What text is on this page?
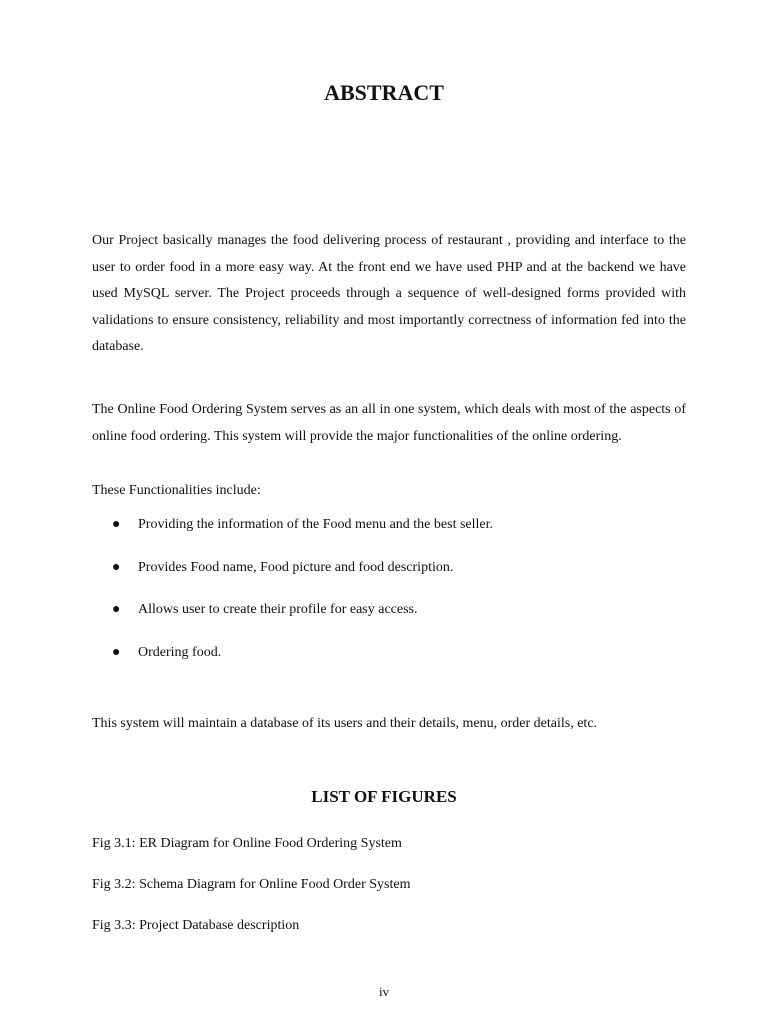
ABSTRACT

Our Project basically manages the food delivering process of restaurant , providing and interface to the user to order food in a more easy way. At the front end we have used PHP and at the backend we have used MySQL server. The Project proceeds through a sequence of well-designed forms provided with validations to ensure consistency, reliability and most importantly correctness of information fed into the database.

The Online Food Ordering System serves as an all in one system, which deals with most of the aspects of online food ordering. This system will provide the major functionalities of the online ordering.

These Functionalities include:

●	Providing the information of the Food menu and the best seller.
●	Provides Food name, Food picture and food description.
●	Allows user to create their profile for easy access.
●	Ordering food.

This system will maintain a database of its users and their details, menu, order details, etc.

LIST OF FIGURES
Fig 3.1: ER Diagram for Online Food Ordering System
Fig 3.2: Schema Diagram for Online Food Order System
Fig 3.3: Project Database description
iv
